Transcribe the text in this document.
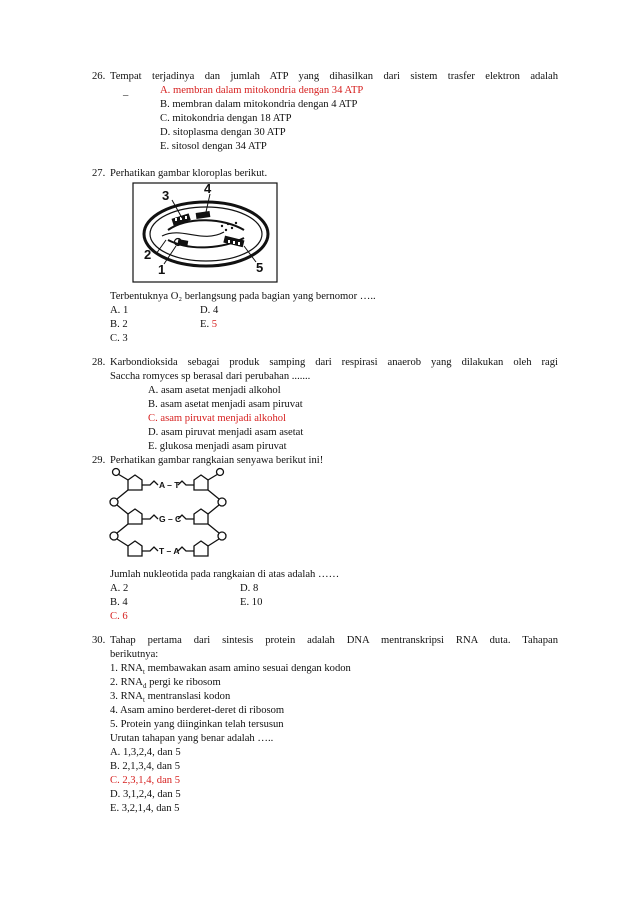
26. Tempat terjadinya dan jumlah ATP yang dihasilkan dari sistem trasfer elektron adalah
_	A. membran dalam mitokondria dengan 34 ATP
B. membran dalam mitokondria dengan 4 ATP
C. mitokondria dengan 18 ATP
D. sitoplasma dengan 30 ATP
E. sitosol dengan 34 ATP
27. Perhatikan gambar kloroplas berikut.
3	4
2
1	5
Terbentuknya O₂ berlangsung pada bagian yang bernomor …..
A. 1
B. 2
C. 3
D. 4
E. 5
28. Karbondioksida sebagai produk samping dari respirasi anaerob yang dilakukan oleh ragi
Saccha romyces sp berasal dari perubahan .......
A. asam asetat menjadi alkohol
B. asam asetat menjadi asam piruvat
C. asam piruvat menjadi alkohol
D. asam piruvat menjadi asam asetat
E. glukosa menjadi asam piruvat
29. Perhatikan gambar rangkaian senyawa berikut ini!
A – T
G – C
T – A
Jumlah nukleotida pada rangkaian di atas adalah ……
A. 2
B. 4
C. 6
D. 8
E. 10
30. Tahap pertama dari sintesis protein adalah DNA mentranskripsi RNA duta. Tahapan
berikutnya:
1. $RNA_t$ membawakan asam amino sesuai dengan kodon
2. $RNA_d$ pergi ke ribosom
3. $RNA_t$ mentranslasi kodon
4. Asam amino berderet-deret di ribosom
5. Protein yang diinginkan telah tersusun
Urutan tahapan yang benar adalah …..
A. 1,3,2,4, dan 5
B. 2,1,3,4, dan 5
C. 2,3,1,4, dan 5
D. 3,1,2,4, dan 5
E. 3,2,1,4, dan 5
